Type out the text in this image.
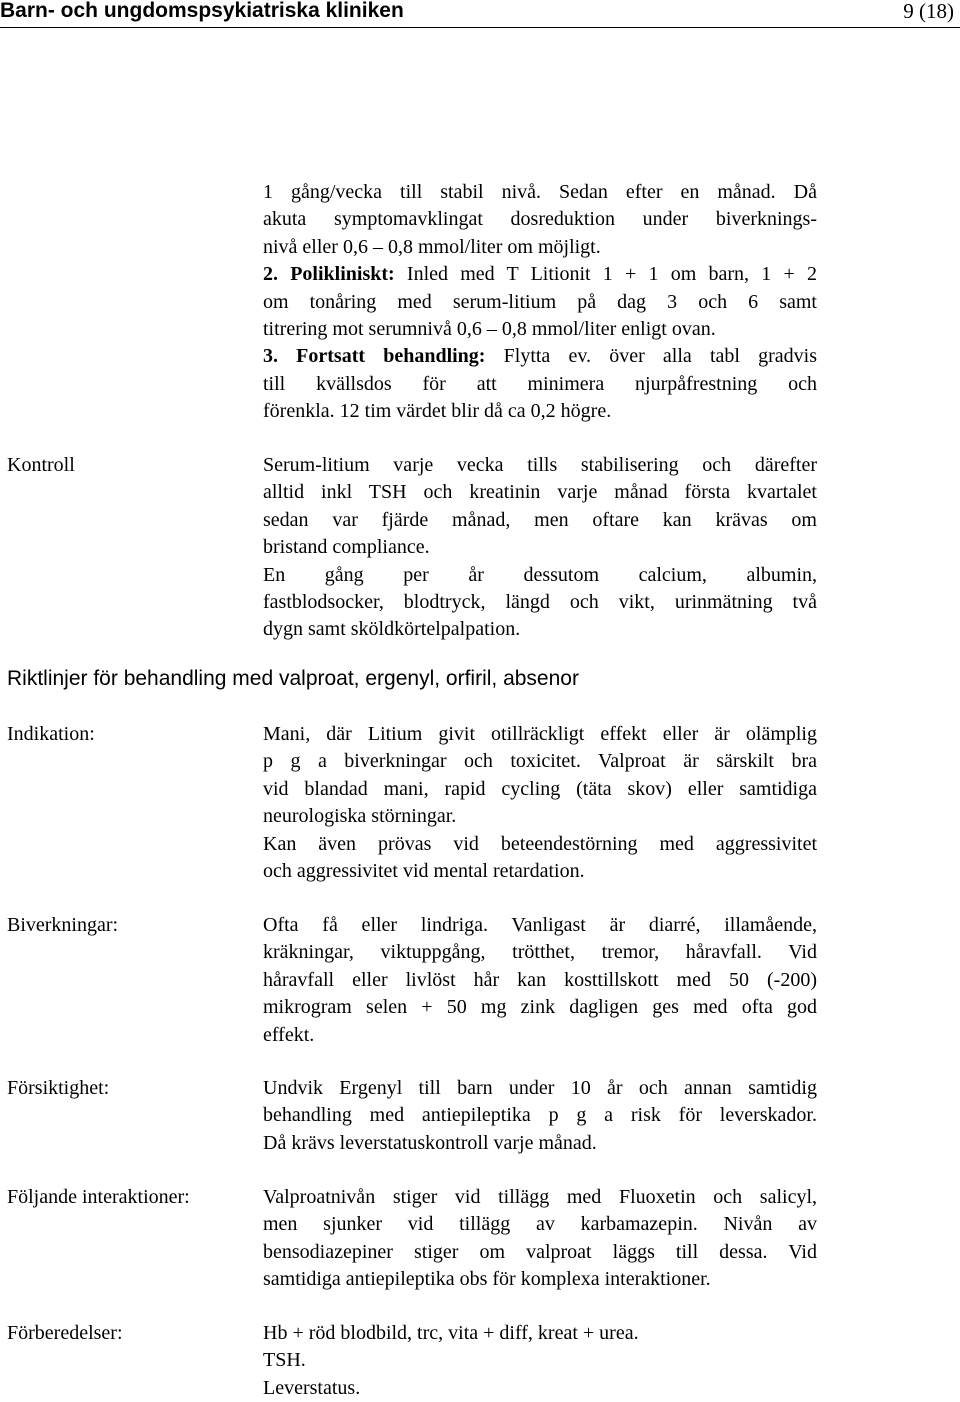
Barn- och ungdomspsykiatriska kliniken	9 (18)
1 gång/vecka till stabil nivå. Sedan efter en månad. Då
akuta symptomavklingat dosreduktion under biverknings-
nivå eller 0,6 – 0,8 mmol/liter om möjligt.
2. Polikliniskt: Inled med T Litionit 1 + 1 om barn, 1 + 2
om tonåring med serum-litium på dag 3 och 6 samt
titrering mot serumnivå 0,6 – 0,8 mmol/liter enligt ovan.
3. Fortsatt behandling: Flytta ev. över alla tabl gradvis
till kvällsdos för att minimera njurpåfrestning och
förenkla. 12 tim värdet blir då ca 0,2 högre.
Kontroll	Serum-litium varje vecka tills stabilisering och därefter
alltid inkl TSH och kreatinin varje månad första kvartalet
sedan var fjärde månad, men oftare kan krävas om
bristand compliance.
En gång per år dessutom calcium, albumin,
fastblodsocker, blodtryck, längd och vikt, urinmätning två
dygn samt sköldkörtelpalpation.
Riktlinjer för behandling med valproat, ergenyl, orfiril, absenor
Indikation:	Mani, där Litium givit otillräckligt effekt eller är olämplig
p g a biverkningar och toxicitet. Valproat är särskilt bra
vid blandad mani, rapid cycling (täta skov) eller samtidiga
neurologiska störningar.
Kan även prövas vid beteendestörning med aggressivitet
och aggressivitet vid mental retardation.
Biverkningar:	Ofta få eller lindriga. Vanligast är diarré, illamående,
kräkningar, viktuppgång, trötthet, tremor, håravfall. Vid
håravfall eller livlöst hår kan kosttillskott med 50 (-200)
mikrogram selen + 50 mg zink dagligen ges med ofta god
effekt.
Försiktighet:	Undvik Ergenyl till barn under 10 år och annan samtidig
behandling med antiepileptika p g a risk för leverskador.
Då krävs leverstatuskontroll varje månad.
Följande interaktioner:	Valproatnivån stiger vid tillägg med Fluoxetin och salicyl,
men sjunker vid tillägg av karbamazepin. Nivån av
bensodiazepiner stiger om valproat läggs till dessa. Vid
samtidiga antiepileptika obs för komplexa interaktioner.
Förberedelser:	Hb + röd blodbild, trc, vita + diff, kreat + urea.
TSH.
Leverstatus.
